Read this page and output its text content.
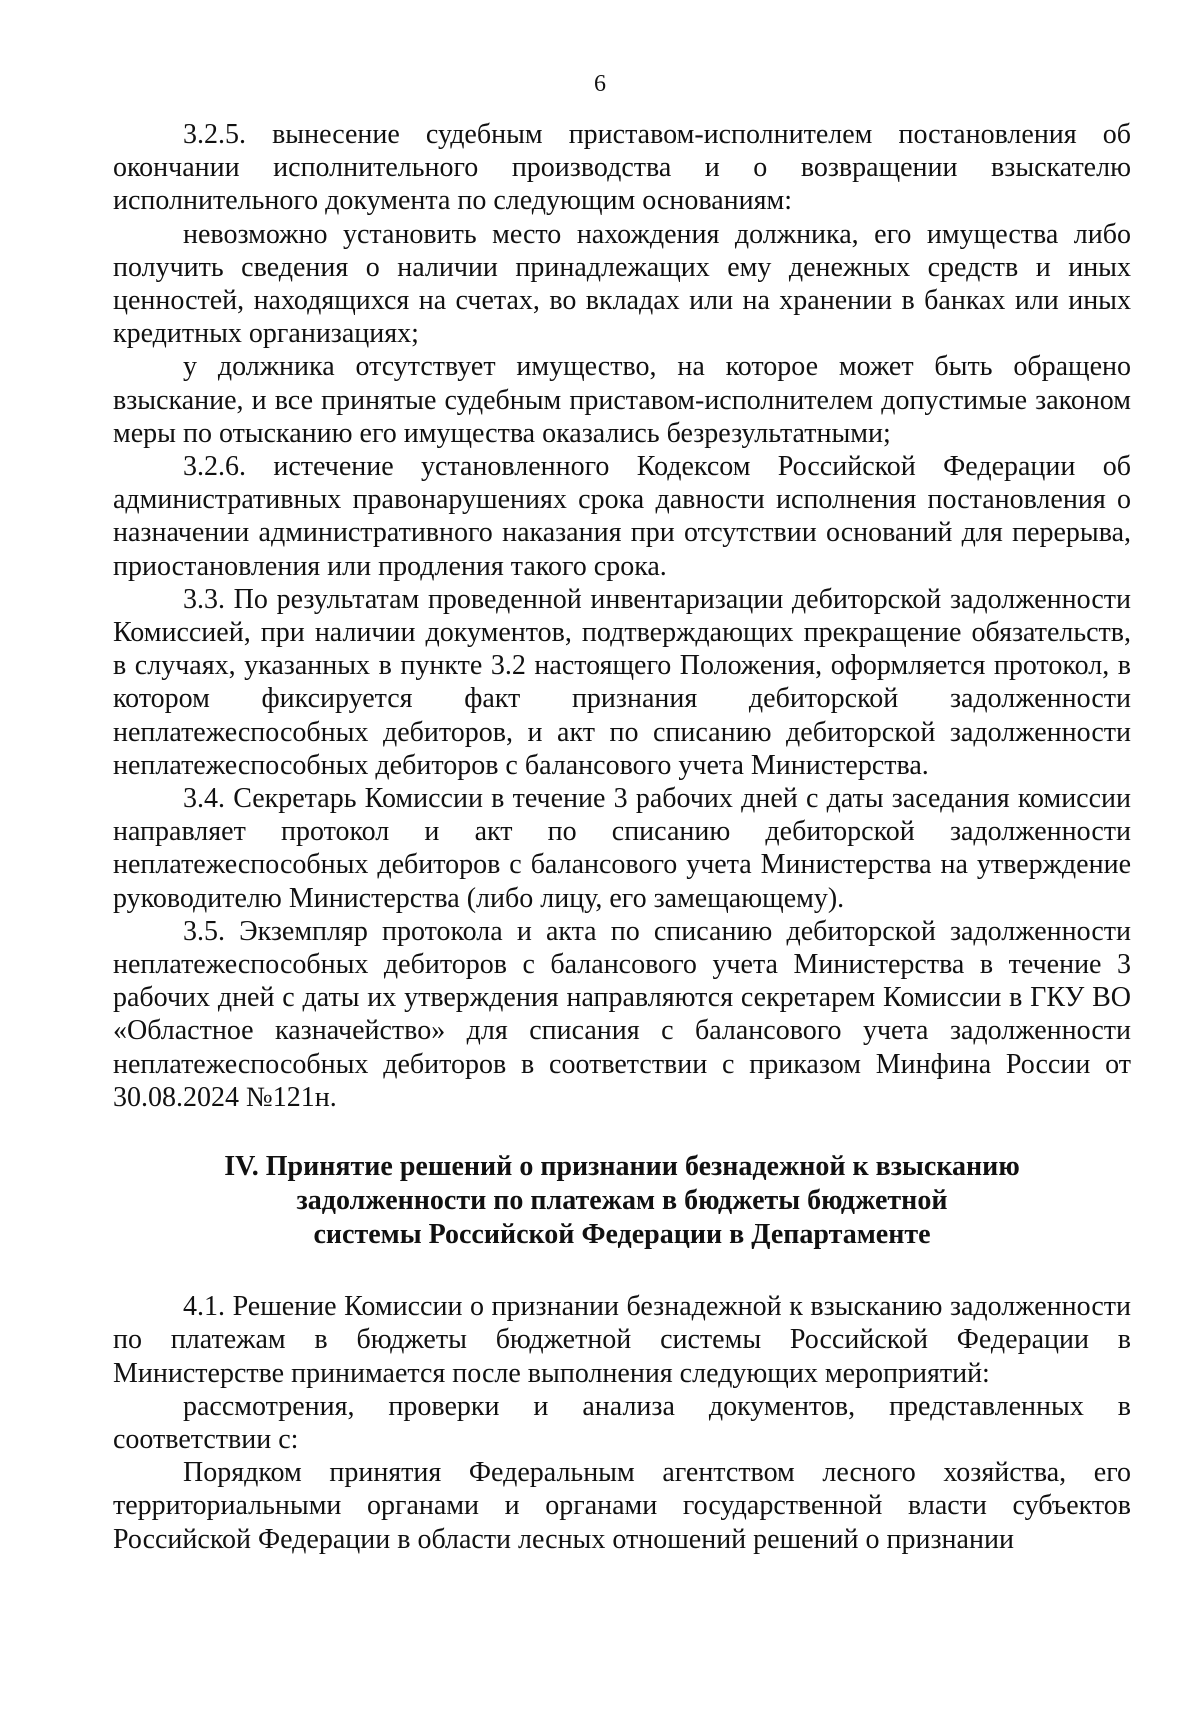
6

3.2.5. вынесение судебным приставом-исполнителем постановления об окончании исполнительного производства и о возвращении взыскателю исполнительного документа по следующим основаниям:

невозможно установить место нахождения должника, его имущества либо получить сведения о наличии принадлежащих ему денежных средств и иных ценностей, находящихся на счетах, во вкладах или на хранении в банках или иных кредитных организациях;

у должника отсутствует имущество, на которое может быть обращено взыскание, и все принятые судебным приставом-исполнителем допустимые законом меры по отысканию его имущества оказались безрезультатными;

3.2.6. истечение установленного Кодексом Российской Федерации об административных правонарушениях срока давности исполнения постановления о назначении административного наказания при отсутствии оснований для перерыва, приостановления или продления такого срока.

3.3. По результатам проведенной инвентаризации дебиторской задолженности Комиссией, при наличии документов, подтверждающих прекращение обязательств, в случаях, указанных в пункте 3.2 настоящего Положения, оформляется протокол, в котором фиксируется факт признания дебиторской задолженности неплатежеспособных дебиторов, и акт по списанию дебиторской задолженности неплатежеспособных дебиторов с балансового учета Министерства.

3.4. Секретарь Комиссии в течение 3 рабочих дней с даты заседания комиссии направляет протокол и акт по списанию дебиторской задолженности неплатежеспособных дебиторов с балансового учета Министерства на утверждение руководителю Министерства (либо лицу, его замещающему).

3.5. Экземпляр протокола и акта по списанию дебиторской задолженности неплатежеспособных дебиторов с балансового учета Министерства в течение 3 рабочих дней с даты их утверждения направляются секретарем Комиссии в ГКУ ВО «Областное казначейство» для списания с балансового учета задолженности неплатежеспособных дебиторов в соответствии с приказом Минфина России от 30.08.2024 №121н.

IV. Принятие решений о признании безнадежной к взысканию
задолженности по платежам в бюджеты бюджетной
системы Российской Федерации в Департаменте

4.1. Решение Комиссии о признании безнадежной к взысканию задолженности по платежам в бюджеты бюджетной системы Российской Федерации в Министерстве принимается после выполнения следующих мероприятий:

рассмотрения, проверки и анализа документов, представленных в соответствии с:

Порядком принятия Федеральным агентством лесного хозяйства, его территориальными органами и органами государственной власти субъектов Российской Федерации в области лесных отношений решений о признании
